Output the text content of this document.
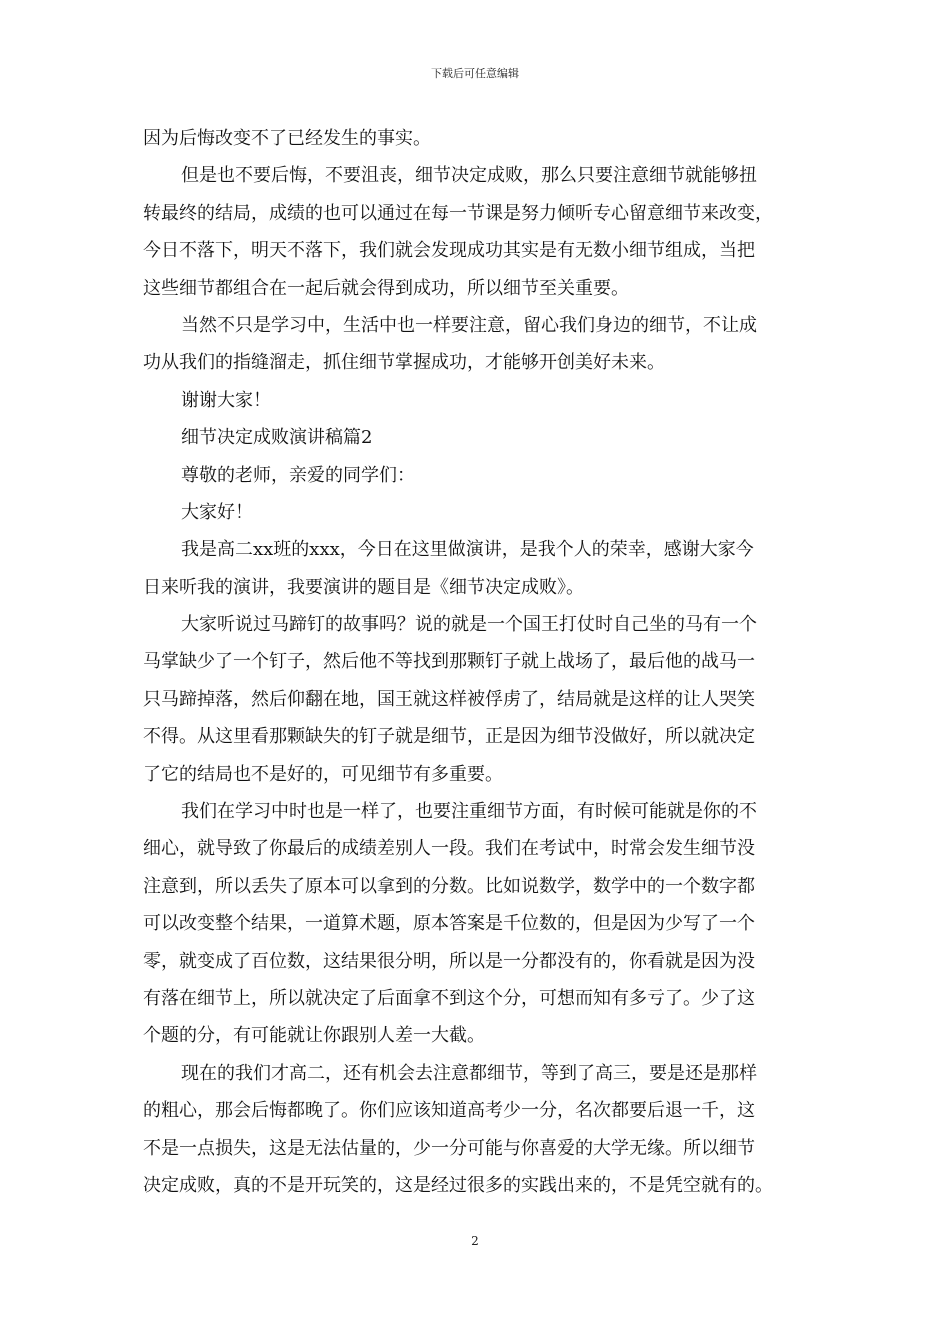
下载后可任意编辑
因为后悔改变不了已经发生的事实。
但是也不要后悔，不要沮丧，细节决定成败，那么只要注意细节就能够扭
转最终的结局，成绩的也可以通过在每一节课是努力倾听专心留意细节来改变，
今日不落下，明天不落下，我们就会发现成功其实是有无数小细节组成，当把
这些细节都组合在一起后就会得到成功，所以细节至关重要。
当然不只是学习中，生活中也一样要注意，留心我们身边的细节，不让成
功从我们的指缝溜走，抓住细节掌握成功，才能够开创美好未来。
谢谢大家！
细节决定成败演讲稿篇2
尊敬的老师，亲爱的同学们：
大家好！
我是高二xx班的xxx，今日在这里做演讲，是我个人的荣幸，感谢大家今
日来听我的演讲，我要演讲的题目是《细节决定成败》。
大家听说过马蹄钉的故事吗？说的就是一个国王打仗时自己坐的马有一个
马掌缺少了一个钉子，然后他不等找到那颗钉子就上战场了，最后他的战马一
只马蹄掉落，然后仰翻在地，国王就这样被俘虏了，结局就是这样的让人哭笑
不得。从这里看那颗缺失的钉子就是细节，正是因为细节没做好，所以就决定
了它的结局也不是好的，可见细节有多重要。
我们在学习中时也是一样了，也要注重细节方面，有时候可能就是你的不
细心，就导致了你最后的成绩差别人一段。我们在考试中，时常会发生细节没
注意到，所以丢失了原本可以拿到的分数。比如说数学，数学中的一个数字都
可以改变整个结果，一道算术题，原本答案是千位数的，但是因为少写了一个
零，就变成了百位数，这结果很分明，所以是一分都没有的，你看就是因为没
有落在细节上，所以就决定了后面拿不到这个分，可想而知有多亏了。少了这
个题的分，有可能就让你跟别人差一大截。
现在的我们才高二，还有机会去注意都细节，等到了高三，要是还是那样
的粗心，那会后悔都晚了。你们应该知道高考少一分，名次都要后退一千，这
不是一点损失，这是无法估量的，少一分可能与你喜爱的大学无缘。所以细节
决定成败，真的不是开玩笑的，这是经过很多的实践出来的，不是凭空就有的。
2
